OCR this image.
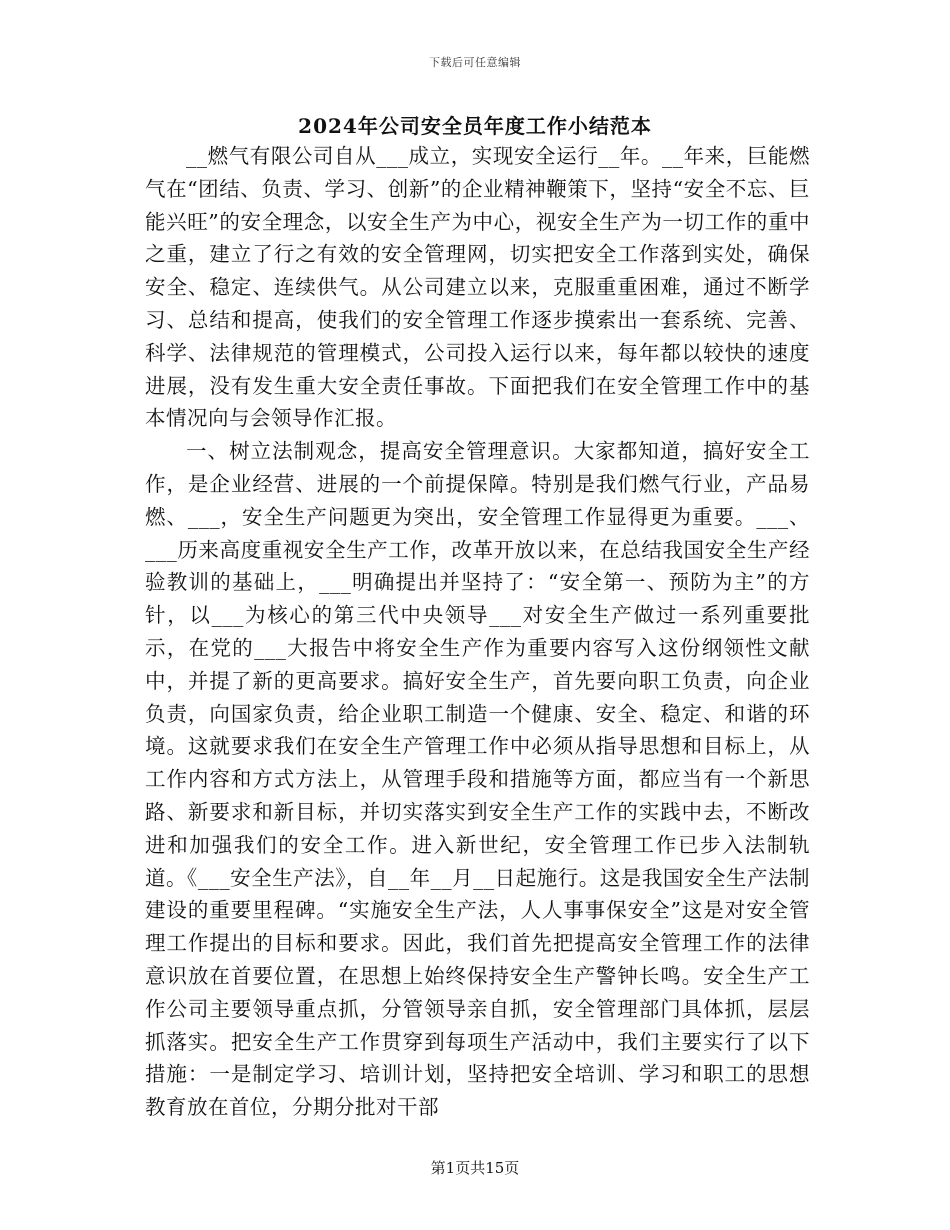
下载后可任意编辑
2024年公司安全员年度工作小结范本

__燃气有限公司自从___成立，实现安全运行__年。__年来，巨能燃气在“团结、负责、学习、创新”的企业精神鞭策下，坚持“安全不忘、巨能兴旺”的安全理念，以安全生产为中心，视安全生产为一切工作的重中之重，建立了行之有效的安全管理网，切实把安全工作落到实处，确保安全、稳定、连续供气。从公司建立以来，克服重重困难，通过不断学习、总结和提高，使我们的安全管理工作逐步摸索出一套系统、完善、科学、法律规范的管理模式，公司投入运行以来，每年都以较快的速度进展，没有发生重大安全责任事故。下面把我们在安全管理工作中的基本情况向与会领导作汇报。

一、树立法制观念，提高安全管理意识。大家都知道，搞好安全工作，是企业经营、进展的一个前提保障。特别是我们燃气行业，产品易燃、___，安全生产问题更为突出，安全管理工作显得更为重要。___、___历来高度重视安全生产工作，改革开放以来，在总结我国安全生产经验教训的基础上，___明确提出并坚持了：“安全第一、预防为主”的方针，以___为核心的第三代中央领导___对安全生产做过一系列重要批示，在党的___大报告中将安全生产作为重要内容写入这份纲领性文献中，并提了新的更高要求。搞好安全生产，首先要向职工负责，向企业负责，向国家负责，给企业职工制造一个健康、安全、稳定、和谐的环境。这就要求我们在安全生产管理工作中必须从指导思想和目标上，从工作内容和方式方法上，从管理手段和措施等方面，都应当有一个新思路、新要求和新目标，并切实落实到安全生产工作的实践中去，不断改进和加强我们的安全工作。进入新世纪，安全管理工作已步入法制轨道。《___安全生产法》，自__年__月__日起施行。这是我国安全生产法制建设的重要里程碑。“实施安全生产法，人人事事保安全”这是对安全管理工作提出的目标和要求。因此，我们首先把提高安全管理工作的法律意识放在首要位置，在思想上始终保持安全生产警钟长鸣。安全生产工作公司主要领导重点抓，分管领导亲自抓，安全管理部门具体抓，层层抓落实。把安全生产工作贯穿到每项生产活动中，我们主要实行了以下措施：一是制定学习、培训计划，坚持把安全培训、学习和职工的思想教育放在首位，分期分批对干部

第1页共15页
